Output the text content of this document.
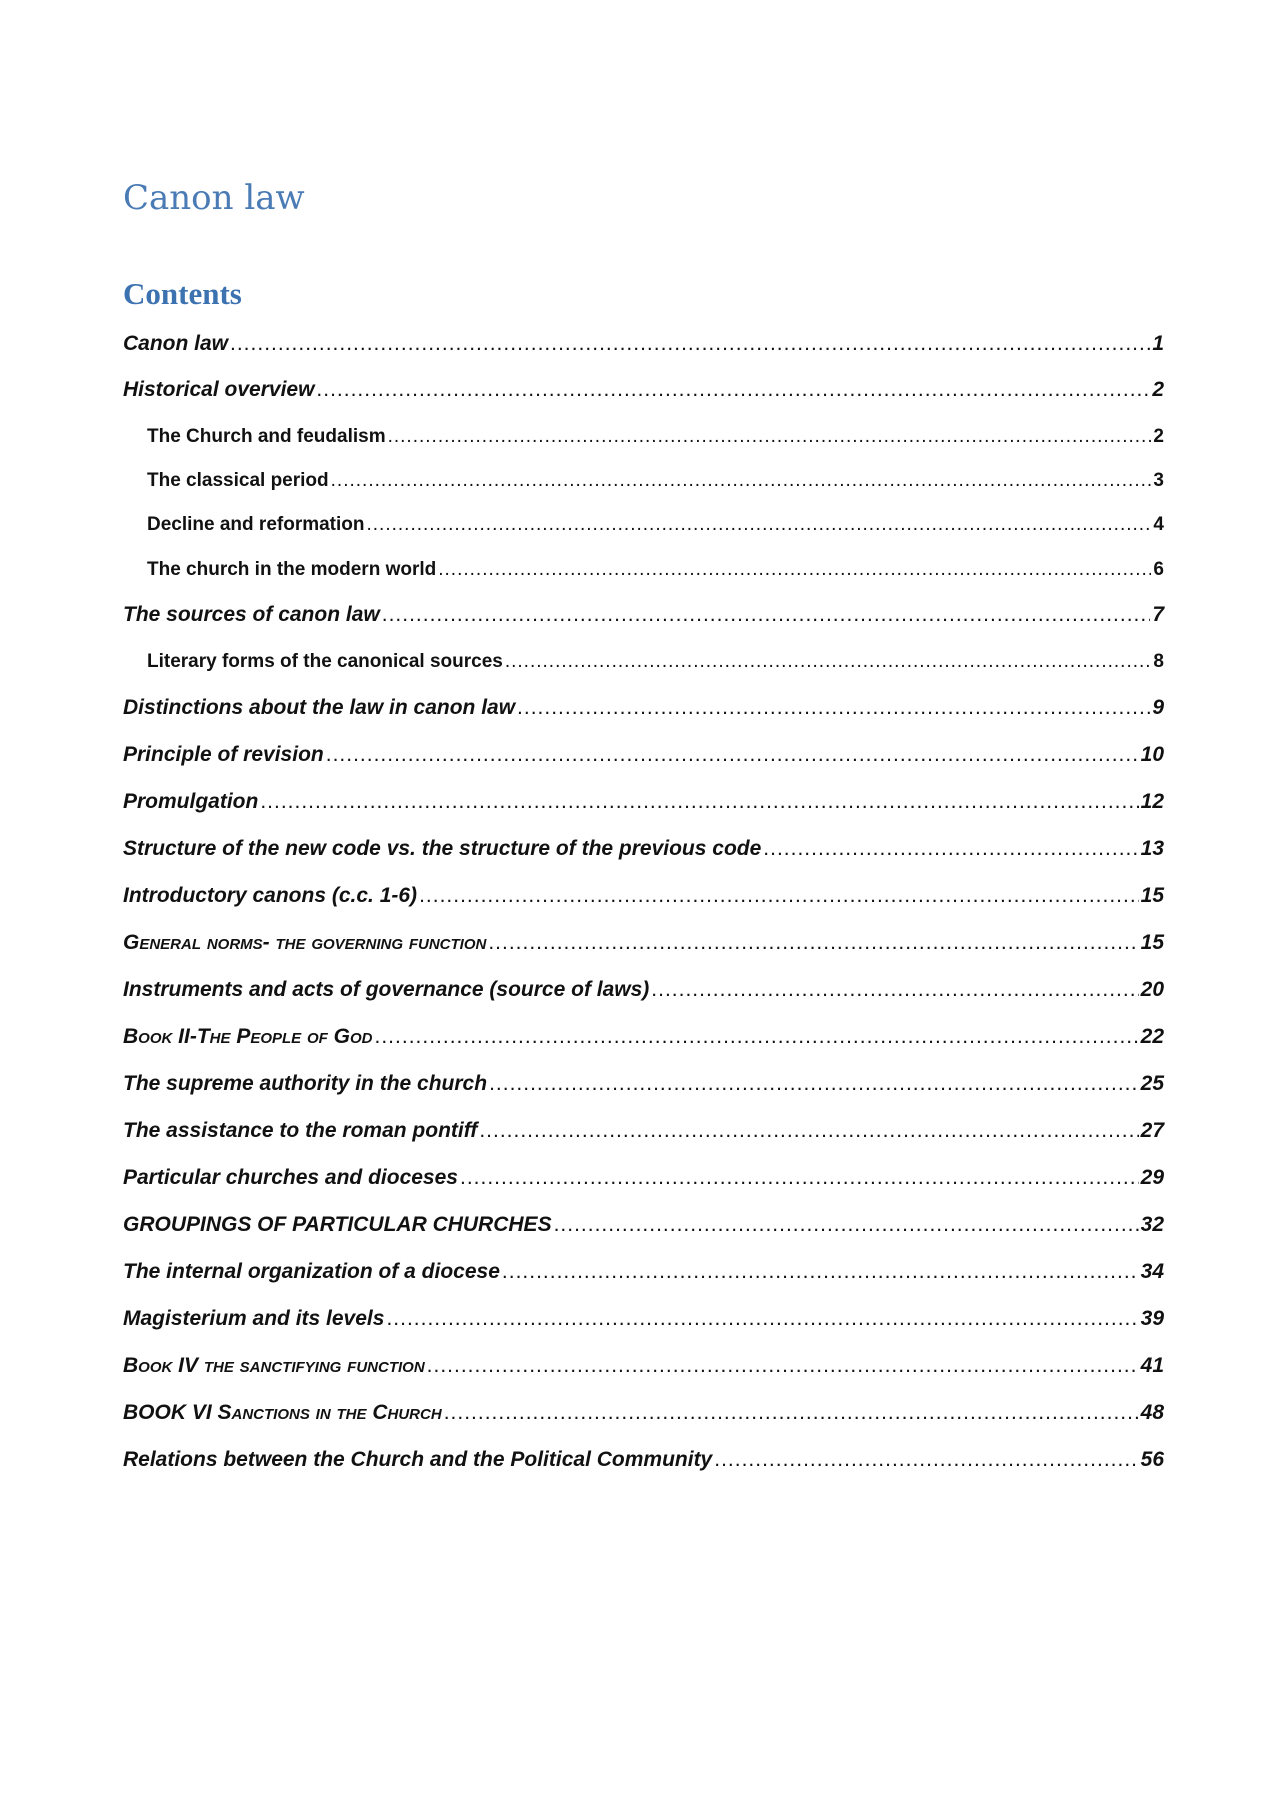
Canon law
Contents
Canon law .....	1
Historical overview .....	2
The Church and feudalism .....	2
The classical period .....	3
Decline and reformation .....	4
The church in the modern world .....	6
The sources of canon law .....	7
Literary forms of the canonical sources .....	8
Distinctions about the law in canon law .....	9
Principle of revision .....	10
Promulgation .....	12
Structure of the new code vs. the structure of the previous code .....	13
Introductory canons (c.c. 1-6) .....	15
General norms- the governing function .....	15
Instruments and acts of governance (source of laws) .....	20
Book II-The People of God .....	22
The supreme authority in the church .....	25
The assistance to the roman pontiff .....	27
Particular churches and dioceses .....	29
GROUPINGS OF PARTICULAR CHURCHES .....	32
The internal organization of a diocese .....	34
Magisterium and its levels .....	39
Book IV the sanctifying function .....	41
BOOK VI Sanctions in the Church .....	48
Relations between the Church and the Political Community .....	56
